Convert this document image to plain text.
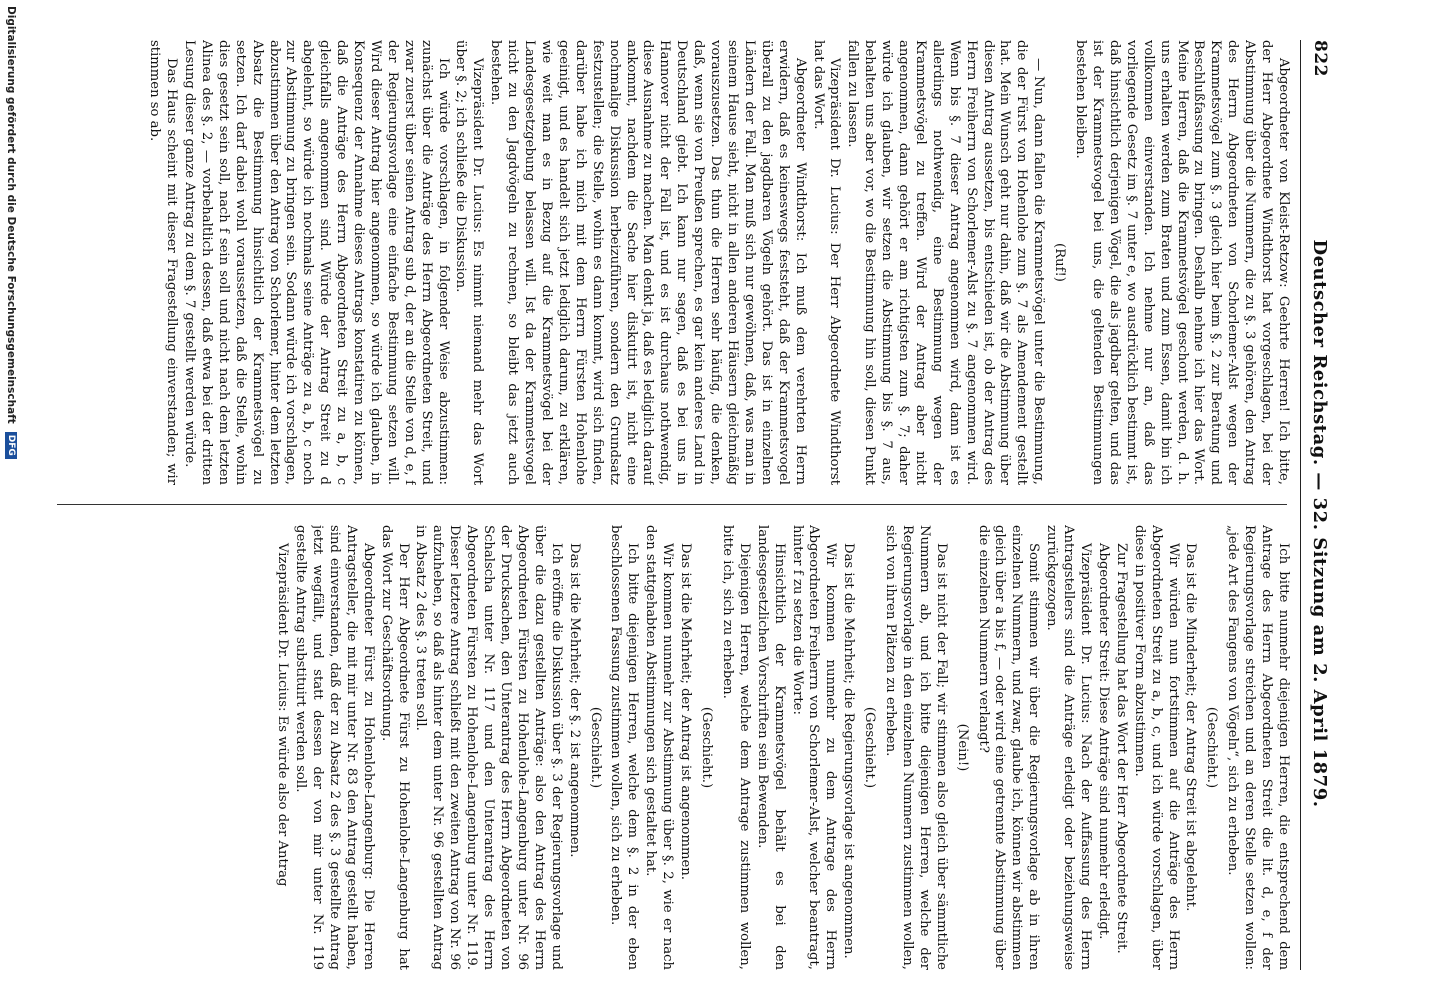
822
Deutscher Reichstag. — 32. Sitzung am 2. April 1879.

Abgeordneter von Kleist-Retzow: Geehrte Herren! Ich bitte, der Herr Abgeordnete Windthorst hat vorgeschlagen, bei der Abstimmung über die Nummern, die zu §. 3 gehören, den Antrag des Herrn Abgeordneten von Schorlemer-Alst wegen der Krammetsvögel zum §. 3 gleich hier beim §. 2 zur Beratung und Beschlußfassung zu bringen. Deshalb nehme ich hier das Wort. Meine Herren, daß die Krammetsvögel geschont werden, d. h. uns erhalten werden zum Braten und zum Essen, damit bin ich vollkommen einverstanden. Ich nehme nur an, daß das vorliegende Gesetz im §. 7 unter e, wo ausdrücklich bestimmt ist, daß hinsichtlich derjenigen Vögel, die als jagdbar gelten, und das ist der Krammetsvogel bei uns, die geltenden Bestimmungen bestehen bleiben.

(Ruf!)

— Nun, dann fallen die Krammetsvögel unter die Bestimmung, die der Fürst von Hohenlohe zum §. 7 als Amendement gestellt hat. Mein Wunsch geht nur dahin, daß wir die Abstimmung über diesen Antrag aussetzen, bis entschieden ist, ob der Antrag des Herrn Freiherrn von Schorlemer-Alst zu §. 7 angenommen wird. Wenn bis §. 7 dieser Antrag angenommen wird, dann ist es allerdings nothwendig, eine Bestimmung wegen der Krammetsvögel zu treffen. Wird der Antrag aber nicht angenommen, dann gehört er am richtigsten zum §. 7; daher würde ich glauben, wir setzen die Abstimmung bis §. 7 aus, behalten uns aber vor, wo die Bestimmung hin soll, diesen Punkt fallen zu lassen.

Vizepräsident Dr. Lucius: Der Herr Abgeordnete Windthorst hat das Wort.

Abgeordneter Windthorst: Ich muß dem verehrten Herrn erwidern, daß es keineswegs feststeht, daß der Krammetsvogel überall zu den jagdbaren Vögeln gehört. Das ist in einzelnen Ländern der Fall. Man muß sich nur gewöhnen, daß, was man in seinem Hause sieht, nicht in allen anderen Häusern gleichmäßig vorauszusetzen. Das thun die Herren sehr häufig, die denken, daß, wenn sie von Preußen sprechen, es gar kein anderes Land in Deutschland giebt. Ich kann nur sagen, daß es bei uns in Hannover nicht der Fall ist, und es ist durchaus nothwendig, diese Ausnahme zu machen. Man denkt ja, daß es lediglich darauf ankommt, nachdem die Sache hier diskutirt ist, nicht eine nochmalige Diskussion herbeizuführen, sondern den Grundsatz festzustellen; die Stelle, wohin es dann kommt, wird sich finden, darüber habe ich mich mit dem Herrn Fürsten Hohenlohe geeinigt, und es handelt sich jetzt lediglich darum, zu erklären, wie weit man es in Bezug auf die Krammetsvögel bei der Landesgesetzgebung belassen will. Ist da der Krammetsvogel nicht zu den Jagdvögeln zu rechnen, so bleibt das jetzt auch bestehen.

Vizepräsident Dr. Lucius: Es nimmt niemand mehr das Wort über §. 2; ich schließe die Diskussion.

Ich würde vorschlagen, in folgender Weise abzustimmen: zunächst über die Anträge des Herrn Abgeordneten Streit, und zwar zuerst über seinen Antrag sub d, der an die Stelle von d, e, f der Regierungsvorlage eine einfache Bestimmung setzen will. Wird dieser Antrag hier angenommen, so würde ich glauben, in Konsequenz der Annahme dieses Antrags konstatiren zu können, daß die Anträge des Herrn Abgeordneten Streit zu a, b, c gleichfalls angenommen sind. Würde der Antrag Streit zu d abgelehnt, so würde ich nochmals seine Anträge zu a, b, c noch zur Abstimmung zu bringen sein. Sodann würde ich vorschlagen, abzustimmen über den Antrag von Schorlemer, hinter dem letzten Absatz die Bestimmung hinsichtlich der Krammetsvögel zu setzen. Ich darf dabei wohl voraussetzen, daß die Stelle, wohin dies gesetzt sein soll, nach f sein soll und nicht nach dem letzten Alinea des §. 2, — vorbehaltlich dessen, daß etwa bei der dritten Lesung dieser ganze Antrag zu dem §. 7 gestellt werden würde.

Das Haus scheint mit dieser Fragestellung einverstanden; wir stimmen so ab.

Ich bitte nunmehr diejenigen Herren, die entsprechend dem Antrage des Herrn Abgeordneten Streit die lit. d, e, f der Regierungsvorlage streichen und an deren Stelle setzen wollen: „jede Art des Fangens von Vögeln“, sich zu erheben.

(Geschieht.)

Das ist die Minderheit; der Antrag Streit ist abgelehnt.

Wir würden nun fortstimmen auf die Anträge des Herrn Abgeordneten Streit zu a, b, c, und ich würde vorschlagen, über diese in positiver Form abzustimmen.

Zur Fragestellung hat das Wort der Herr Abgeordnete Streit.

Abgeordneter Streit: Diese Anträge sind nunmehr erledigt.

Vizepräsident Dr. Lucius: Nach der Auffassung des Herrn Antragstellers sind die Anträge erledigt oder beziehungsweise zurückgezogen.

Somit stimmen wir über die Regierungsvorlage ab in ihren einzelnen Nummern, und zwar, glaube ich, können wir abstimmen gleich über a bis f, — oder wird eine getrennte Abstimmung über die einzelnen Nummern verlangt?

(Nein!)

Das ist nicht der Fall; wir stimmen also gleich über sämmtliche Nummern ab, und ich bitte diejenigen Herren, welche der Regierungsvorlage in den einzelnen Nummern zustimmen wollen, sich von ihren Plätzen zu erheben.

(Geschieht.)

Das ist die Mehrheit; die Regierungsvorlage ist angenommen.

Wir kommen nunmehr zu dem Antrage des Herrn Abgeordneten Freiherrn von Schorlemer-Alst, welcher beantragt, hinter f zu setzen die Worte:

Hinsichtlich der Krammetsvögel behält es bei den landesgesetzlichen Vorschriften sein Bewenden.

Diejenigen Herren, welche dem Antrage zustimmen wollen, bitte ich, sich zu erheben.

(Geschieht.)

Das ist die Mehrheit; der Antrag ist angenommen.

Wir kommen nunmehr zur Abstimmung über §. 2, wie er nach den stattgehabten Abstimmungen sich gestaltet hat.

Ich bitte diejenigen Herren, welche dem §. 2 in der eben beschlossenen Fassung zustimmen wollen, sich zu erheben.

(Geschieht.)

Das ist die Mehrheit; der §. 2 ist angenommen.

Ich eröffne die Diskussion über §. 3 der Regierungsvorlage und über die dazu gestellten Anträge: also den Antrag des Herrn Abgeordneten Fürsten zu Hohenlohe-Langenburg unter Nr. 96 der Drucksachen, den Unterantrag des Herrn Abgeordneten von Schalscha unter Nr. 117 und den Unterantrag des Herrn Abgeordneten Fürsten zu Hohenlohe-Langenburg unter Nr. 119. Dieser letztere Antrag schließt mit den zweiten Antrag von Nr. 96 aufzuheben, so daß als hinter dem unter Nr. 96 gestellten Antrag in Absatz 2 des §. 3 treten soll.

Der Herr Abgeordnete Fürst zu Hohenlohe-Langenburg hat das Wort zur Geschäftsordnung.

Abgeordneter Fürst zu Hohenlohe-Langenburg: Die Herren Antragsteller, die mit mir unter Nr. 83 den Antrag gestellt haben, sind einverstanden, daß der zu Absatz 2 des §. 3 gestellte Antrag jetzt wegfällt, und statt dessen der von mir unter Nr. 119 gestellte Antrag substituirt werden soll.

Vizepräsident Dr. Lucius: Es würde also der Antrag

Digitalisierung gefördert durch die Deutsche Forschungsgemeinschaft
DFG
